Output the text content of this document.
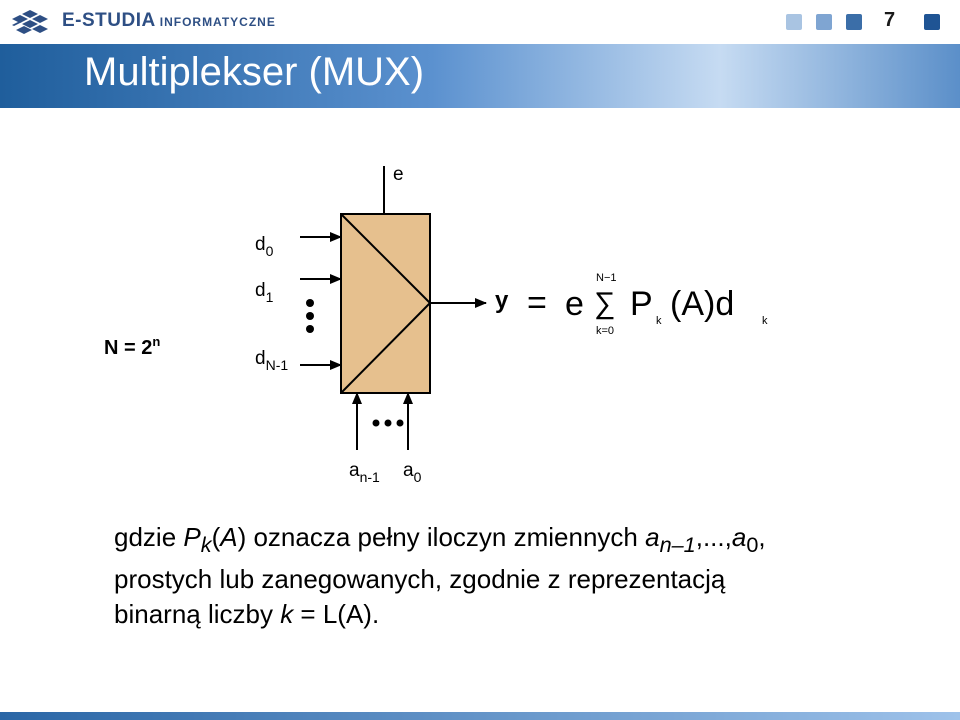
E-STUDIA INFORMATYCZNE	7
Multiplekser (MUX)
e
$d_0$
$d_1$
$d_{N-1}$
$a_{n-1}$ $a_0$
$N = 2^n$
y = e ∑
N−1
k=0
P k (A)d	k
gdzie $P_k(A)$ oznacza pełny iloczyn zmiennych $a_{n-1},...,a_0$,
prostych lub zanegowanych, zgodnie z reprezentacją
binarną liczby k = L(A).
